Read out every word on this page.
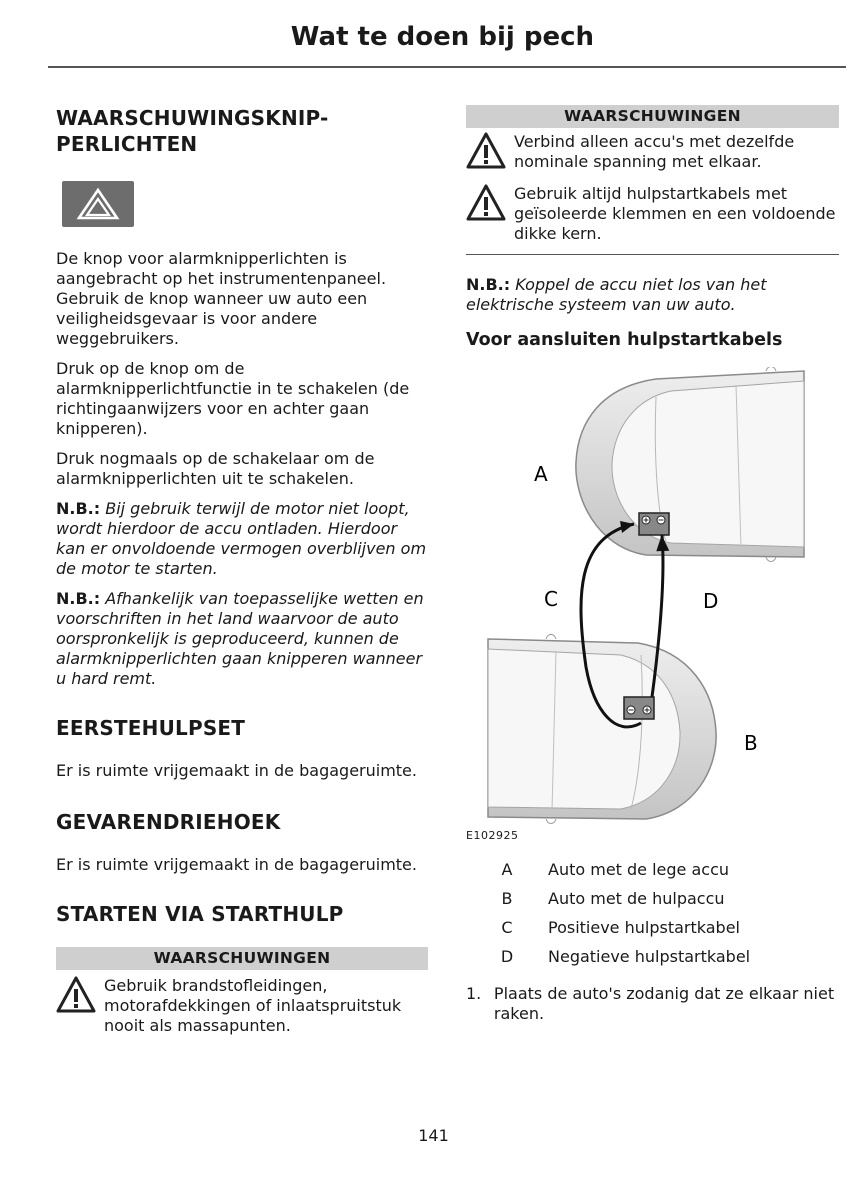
Wat te doen bij pech
WAARSCHUWINGSKNIP-
PERLICHTEN

De knop voor alarmknipperlichten is aangebracht op het instrumentenpaneel. Gebruik de knop wanneer uw auto een veiligheidsgevaar is voor andere weggebruikers.

Druk op de knop om de alarmknipperlichtfunctie in te schakelen (de richtingaanwijzers voor en achter gaan knipperen).

Druk nogmaals op de schakelaar om de alarmknipperlichten uit te schakelen.

N.B.: Bij gebruik terwijl de motor niet loopt, wordt hierdoor de accu ontladen. Hierdoor kan er onvoldoende vermogen overblijven om de motor te starten.

N.B.: Afhankelijk van toepasselijke wetten en voorschriften in het land waarvoor de auto oorspronkelijk is geproduceerd, kunnen de alarmknipperlichten gaan knipperen wanneer u hard remt.

EERSTEHULPSET

Er is ruimte vrijgemaakt in de bagageruimte.

GEVARENDRIEHOEK

Er is ruimte vrijgemaakt in de bagageruimte.

STARTEN VIA STARTHULP
WAARSCHUWINGEN
Gebruik brandstofleidingen, motorafdekkingen of inlaatspruitstuk nooit als massapunten.
WAARSCHUWINGEN
Verbind alleen accu's met dezelfde nominale spanning met elkaar.
Gebruik altijd hulpstartkabels met geïsoleerde klemmen en een voldoende dikke kern.

N.B.: Koppel de accu niet los van het elektrische systeem van uw auto.

Voor aansluiten hulpstartkabels
A
B
C	D
E102925
A	Auto met de lege accu
B	Auto met de hulpaccu
C	Positieve hulpstartkabel
D	Negatieve hulpstartkabel
1. Plaats de auto's zodanig dat ze elkaar niet raken.
141
